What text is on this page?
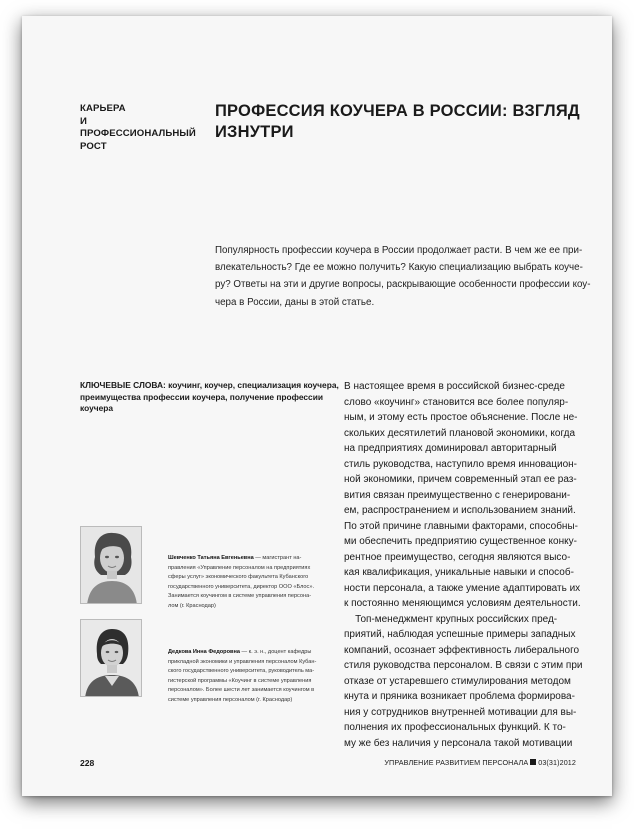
КАРЬЕРА
И ПРОФЕССИОНАЛЬНЫЙ
РОСТ
ПРОФЕССИЯ КОУЧЕРА В РОССИИ: ВЗГЛЯД
ИЗНУТРИ
Популярность профессии коучера в России продолжает расти. В чем же ее при-
влекательность? Где ее можно получить? Какую специализацию выбрать коуче-
ру? Ответы на эти и другие вопросы, раскрывающие особенности профессии коу-
чера в России, даны в этой статье.
КЛЮЧЕВЫЕ СЛОВА: коучинг, коучер, специализация коучера,
преимущества профессии коучера, получение профессии
коучера
Шевченко Татьяна Евгеньевна — магистрант на-
правления «Управление персоналом на предприятиях
сферы услуг» экономического факультета Кубанского
государственного университета, директор ООО «Блос».
Занимается коучингом в системе управления персона-
лом (г. Краснодар)
Дедкова Инна Федоровна — к. э. н., доцент кафедры
прикладной экономики и управления персоналом Кубан-
ского государственного университета, руководитель ма-
гистерской программы «Коучинг в системе управления
персоналом». Более шести лет занимается коучингом в
системе управления персоналом (г. Краснодар)
В настоящее время в российской бизнес-среде
слово «коучинг» становится все более популяр-
ным, и этому есть простое объяснение. После не-
скольких десятилетий плановой экономики, когда
на предприятиях доминировал авторитарный
стиль руководства, наступило время инновацион-
ной экономики, причем современный этап ее раз-
вития связан преимущественно с генерировани-
ем, распространением и использованием знаний.
По этой причине главными факторами, способны-
ми обеспечить предприятию существенное конку-
рентное преимущество, сегодня являются высо-
кая квалификация, уникальные навыки и способ-
ности персонала, а также умение адаптировать их
к постоянно меняющимся условиям деятельности.
Топ-менеджмент крупных российских пред-
приятий, наблюдая успешные примеры западных
компаний, осознает эффективность либерального
стиля руководства персоналом. В связи с этим при
отказе от устаревшего стимулирования методом
кнута и пряника возникает проблема формирова-
ния у сотрудников внутренней мотивации для вы-
полнения их профессиональных функций. К то-
му же без наличия у персонала такой мотивации
228	УПРАВЛЕНИЕ РАЗВИТИЕМ ПЕРСОНАЛА 03(31)2012
